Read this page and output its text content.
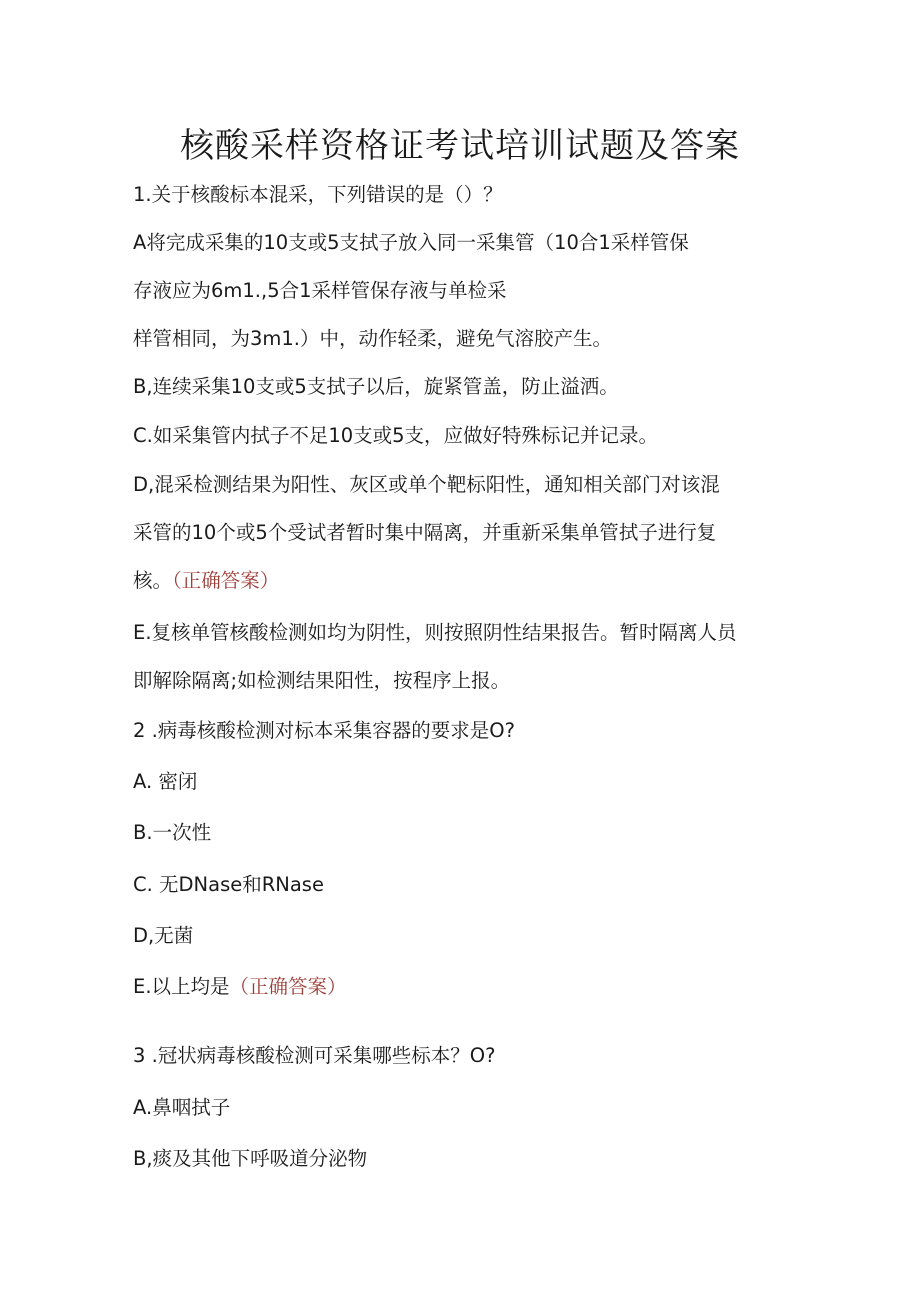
核酸采样资格证考试培训试题及答案
1.关于核酸标本混采，下列错误的是（）？
A将完成采集的10支或5支拭子放入同一采集管（10合1采样管保
存液应为6m1.,5合1采样管保存液与单检采
样管相同，为3m1.）中，动作轻柔，避免气溶胶产生。
B,连续采集10支或5支拭子以后，旋紧管盖，防止溢洒。
C.如采集管内拭子不足10支或5支，应做好特殊标记并记录。
D,混采检测结果为阳性、灰区或单个靶标阳性，通知相关部门对该混
采管的10个或5个受试者暂时集中隔离，并重新采集单管拭子进行复
核。（正确答案）
E.复核单管核酸检测如均为阴性，则按照阴性结果报告。暂时隔离人员
即解除隔离;如检测结果阳性，按程序上报。
2 .病毒核酸检测对标本采集容器的要求是O?
A. 密闭
B.一次性
C. 无DNase和RNase
D,无菌
E.以上均是（正确答案）
3 .冠状病毒核酸检测可采集哪些标本？O?
A.鼻咽拭子
B,痰及其他下呼吸道分泌物
